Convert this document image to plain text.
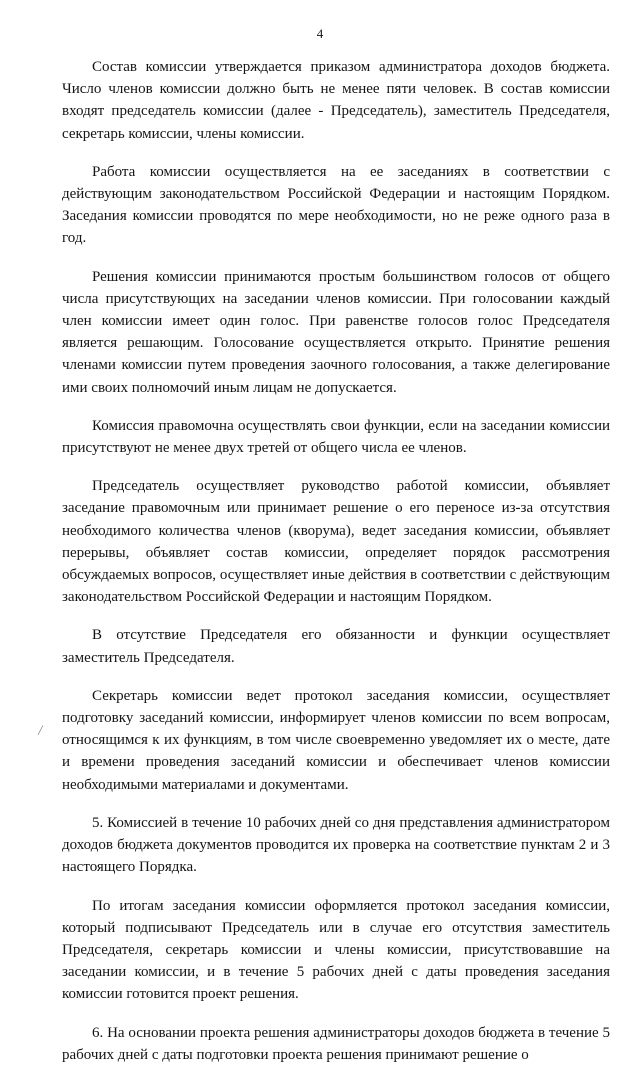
4

Состав комиссии утверждается приказом администратора доходов бюджета. Число членов комиссии должно быть не менее пяти человек. В состав комиссии входят председатель комиссии (далее - Председатель), заместитель Председателя, секретарь комиссии, члены комиссии.

Работа комиссии осуществляется на ее заседаниях в соответствии с действующим законодательством Российской Федерации и настоящим Порядком. Заседания комиссии проводятся по мере необходимости, но не реже одного раза в год.

Решения комиссии принимаются простым большинством голосов от общего числа присутствующих на заседании членов комиссии. При голосовании каждый член комиссии имеет один голос. При равенстве голосов голос Председателя является решающим. Голосование осуществляется открыто. Принятие решения членами комиссии путем проведения заочного голосования, а также делегирование ими своих полномочий иным лицам не допускается.

Комиссия правомочна осуществлять свои функции, если на заседании комиссии присутствуют не менее двух третей от общего числа ее членов.

Председатель осуществляет руководство работой комиссии, объявляет заседание правомочным или принимает решение о его переносе из-за отсутствия необходимого количества членов (кворума), ведет заседания комиссии, объявляет перерывы, объявляет состав комиссии, определяет порядок рассмотрения обсуждаемых вопросов, осуществляет иные действия в соответствии с действующим законодательством Российской Федерации и настоящим Порядком.

В отсутствие Председателя его обязанности и функции осуществляет заместитель Председателя.

Секретарь комиссии ведет протокол заседания комиссии, осуществляет подготовку заседаний комиссии, информирует членов комиссии по всем вопросам, относящимся к их функциям, в том числе своевременно уведомляет их о месте, дате и времени проведения заседаний комиссии и обеспечивает членов комиссии необходимыми материалами и документами.

5. Комиссией в течение 10 рабочих дней со дня представления администратором доходов бюджета документов проводится их проверка на соответствие пунктам 2 и 3 настоящего Порядка.

По итогам заседания комиссии оформляется протокол заседания комиссии, который подписывают Председатель или в случае его отсутствия заместитель Председателя, секретарь комиссии и члены комиссии, присутствовавшие на заседании комиссии, и в течение 5 рабочих дней с даты проведения заседания комиссии готовится проект решения.

6. На основании проекта решения администраторы доходов бюджета в течение 5 рабочих дней с даты подготовки проекта решения принимают решение о

╱
